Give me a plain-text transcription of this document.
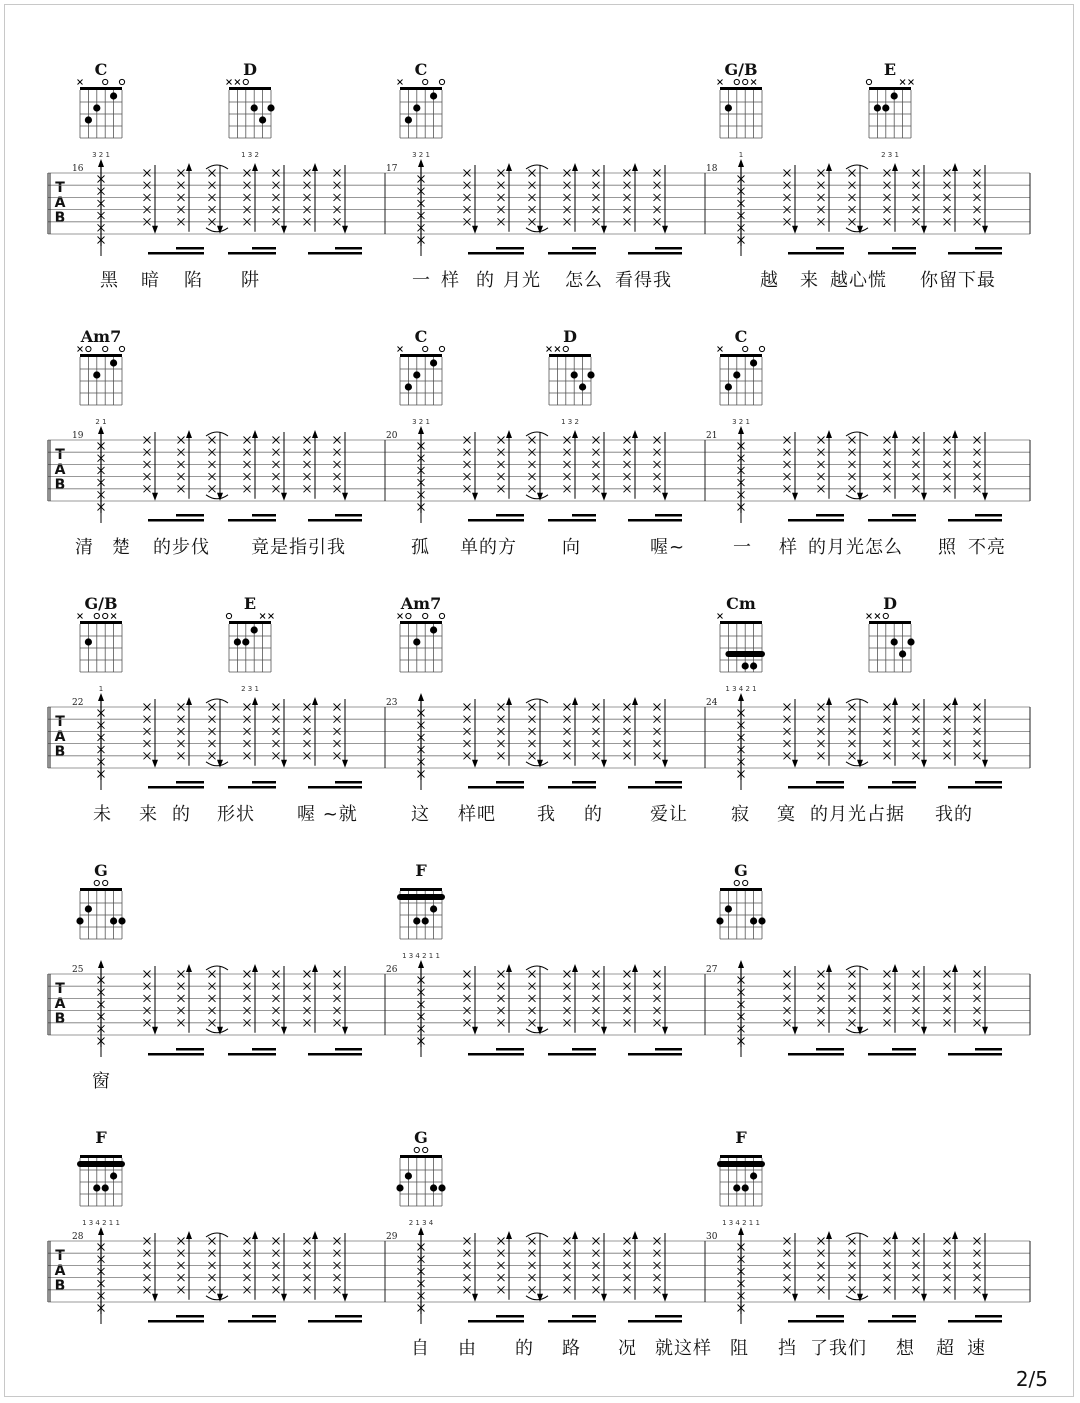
C	D	C	G/B	E
16	17	18
T
A
B
黑 暗 陷 阱	一 样 的 月光 怎么 看得我	越 来 越心慌 你留下最
Am7	C	D	C
19	20	21
T
A
B
清 楚 的步伐 竟是指引我	孤 单的方	向	喔~	一 样 的月光怎么 照 不亮
G/B	E	Am7	Cm	D
22	23	24
T
A
B
未 来 的 形状 喔 ~就	这 样吧 我 的	爱让 寂 寞 的月光占据 我的
G	F	G
25	26	27
T
A
B
窗
F	G	F
28	29	30
T
A
B
自 由 的 路 况 就这样 阻 挡 了我们 想 超 速
2/5
3 2 1	1 3 2	3 2 1	1	2 3 1
2 1	3 2 1	1 3 2	3 2 1
1	2 3 1	1 3 4 2 1
1 3 4 2 1 1
1 3 4 2 1 1	2 1 3 4	1 3 4 2 1 1
